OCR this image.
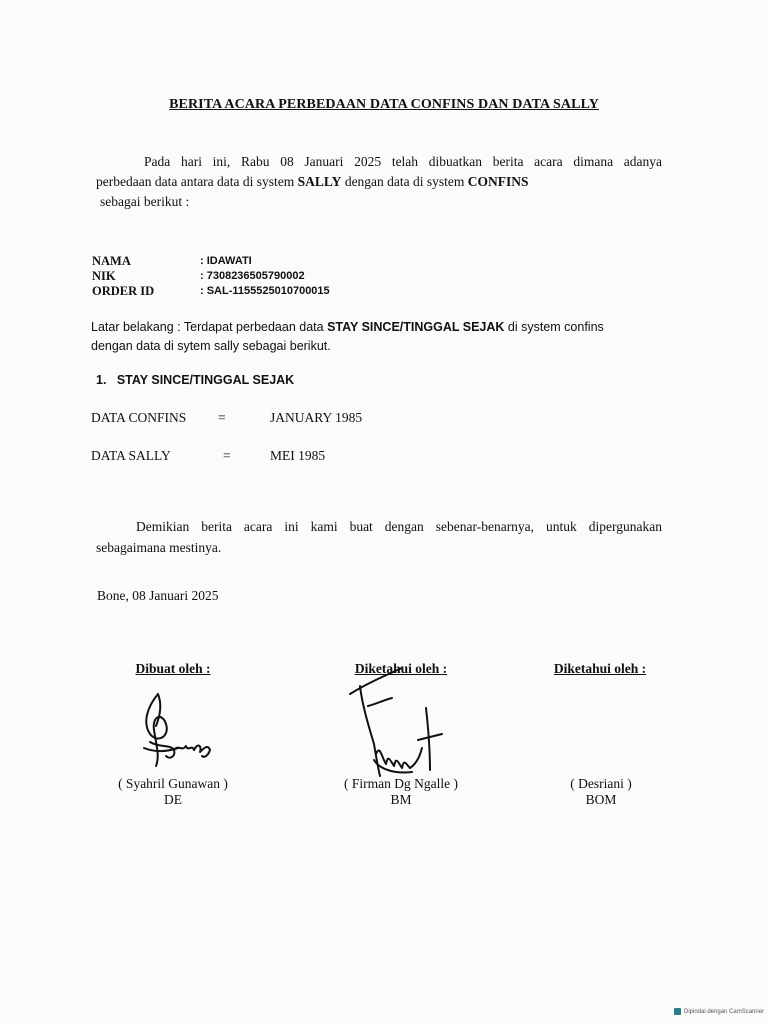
BERITA ACARA PERBEDAAN DATA CONFINS DAN DATA SALLY
Pada hari ini, Rabu 08 Januari 2025 telah dibuatkan berita acara dimana adanya
perbedaan data antara data di system SALLY dengan data di system CONFINS
sebagai berikut :
NAMA	: IDAWATI
NIK	: 7308236505790002
ORDER ID	: SAL-1155525010700015
Latar belakang : Terdapat perbedaan data STAY SINCE/TINGGAL SEJAK di system confins
dengan data di sytem sally sebagai berikut.
1.   STAY SINCE/TINGGAL SEJAK
DATA CONFINS	=	JANUARY 1985
DATA SALLY	=	MEI 1985
Demikian berita acara ini kami buat dengan sebenar-benarnya, untuk dipergunakan
sebagaimana mestinya.
Bone, 08 Januari 2025
Dibuat oleh :	Diketahui oleh :	Diketahui oleh :
( Syahril Gunawan )
DE
( Firman Dg Ngalle )
BM
( Desriani )
BOM
Dipindai dengan CamScanner
